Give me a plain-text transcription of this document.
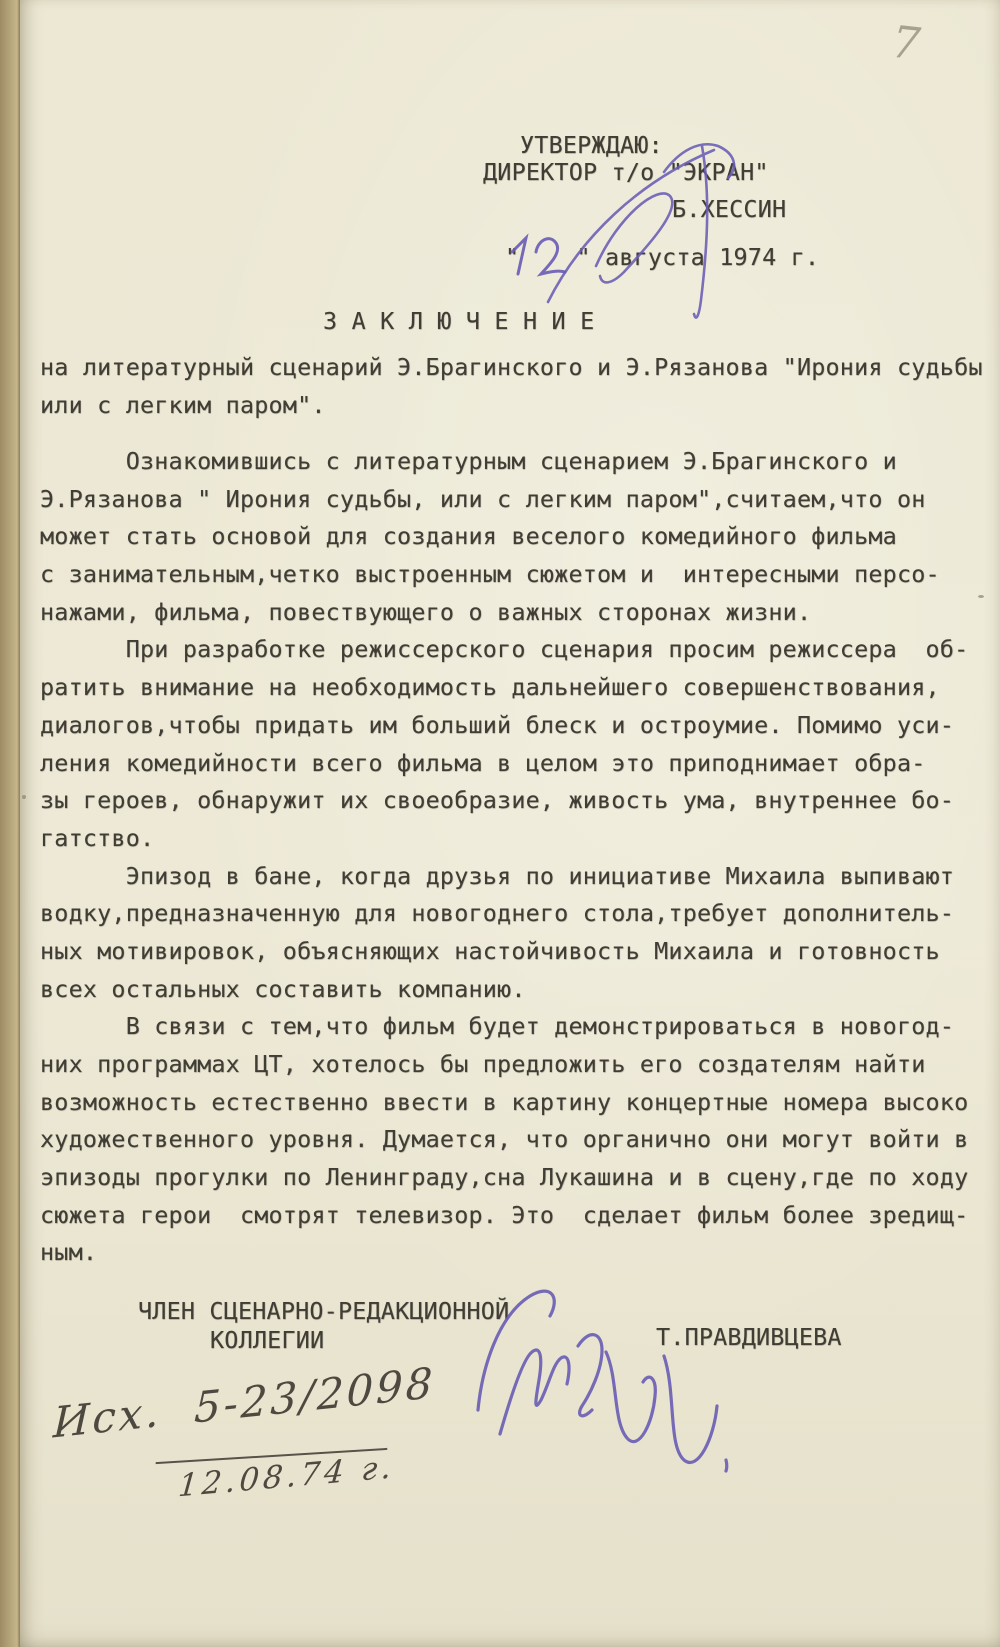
7
УТВЕРЖДАЮ:
ДИРЕКТОР т/о "ЭКРАН"
Б.ХЕССИН
"    " августа 1974 г.
З А К Л Ю Ч Е Н И Е
на литературный сценарий Э.Брагинского и Э.Рязанова "Ирония судьбы
или с легким паром".
Ознакомившись с литературным сценарием Э.Брагинского и
Э.Рязанова " Ирония судьбы, или с легким паром",считаем,что он
может стать основой для создания веселого комедийного фильма
с занимательным,четко выстроенным сюжетом и  интересными персо-
нажами, фильма, повествующего о важных сторонах жизни.
При разработке режиссерского сценария просим режиссера  об-
ратить внимание на необходимость дальнейшего совершенствования,
диалогов,чтобы придать им больший блеск и остроумие. Помимо уси-
ления комедийности всего фильма в целом это приподнимает обра-
зы героев, обнаружит их своеобразие, живость ума, внутреннее бо-
гатство.
Эпизод в бане, когда друзья по инициативе Михаила выпивают
водку,предназначенную для новогоднего стола,требует дополнитель-
ных мотивировок, объясняющих настойчивость Михаила и готовность
всех остальных составить компанию.
В связи с тем,что фильм будет демонстрироваться в новогод-
них программах ЦТ, хотелось бы предложить его создателям найти
возможность естественно ввести в картину концертные номера высоко
художественного уровня. Думается, что органично они могут войти в
эпизоды прогулки по Ленинграду,сна Лукашина и в сцену,где по ходу
сюжета герои  смотрят телевизор. Это  сделает фильм более зредищ-
ным.
ЧЛЕН СЦЕНАРНО-РЕДАКЦИОННОЙ
КОЛЛЕГИИ	Т.ПРАВДИВЦЕВА
Исх.  5-23/2098
12.08.74 г.
